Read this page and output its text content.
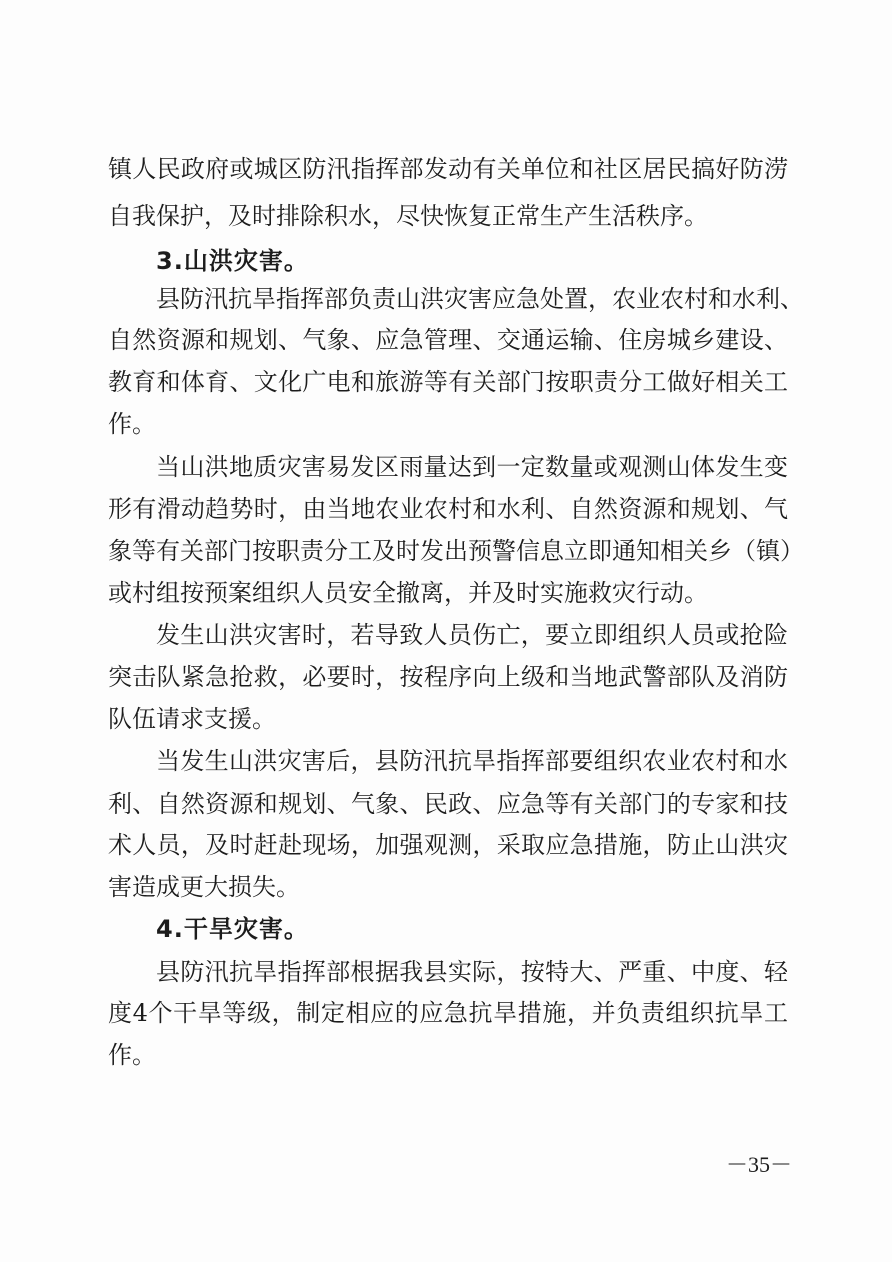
镇人民政府或城区防汛指挥部发动有关单位和社区居民搞好防涝
自我保护，及时排除积水，尽快恢复正常生产生活秩序。
3.山洪灾害。
县防汛抗旱指挥部负责山洪灾害应急处置，农业农村和水利、
自然资源和规划、气象、应急管理、交通运输、住房城乡建设、
教育和体育、文化广电和旅游等有关部门按职责分工做好相关工
作。
当山洪地质灾害易发区雨量达到一定数量或观测山体发生变
形有滑动趋势时，由当地农业农村和水利、自然资源和规划、气
象等有关部门按职责分工及时发出预警信息立即通知相关乡（镇）
或村组按预案组织人员安全撤离，并及时实施救灾行动。
发生山洪灾害时，若导致人员伤亡，要立即组织人员或抢险
突击队紧急抢救，必要时，按程序向上级和当地武警部队及消防
队伍请求支援。
当发生山洪灾害后，县防汛抗旱指挥部要组织农业农村和水
利、自然资源和规划、气象、民政、应急等有关部门的专家和技
术人员，及时赶赴现场，加强观测，采取应急措施，防止山洪灾
害造成更大损失。
4.干旱灾害。
县防汛抗旱指挥部根据我县实际，按特大、严重、中度、轻
度4个干旱等级，制定相应的应急抗旱措施，并负责组织抗旱工
作。
－35－
